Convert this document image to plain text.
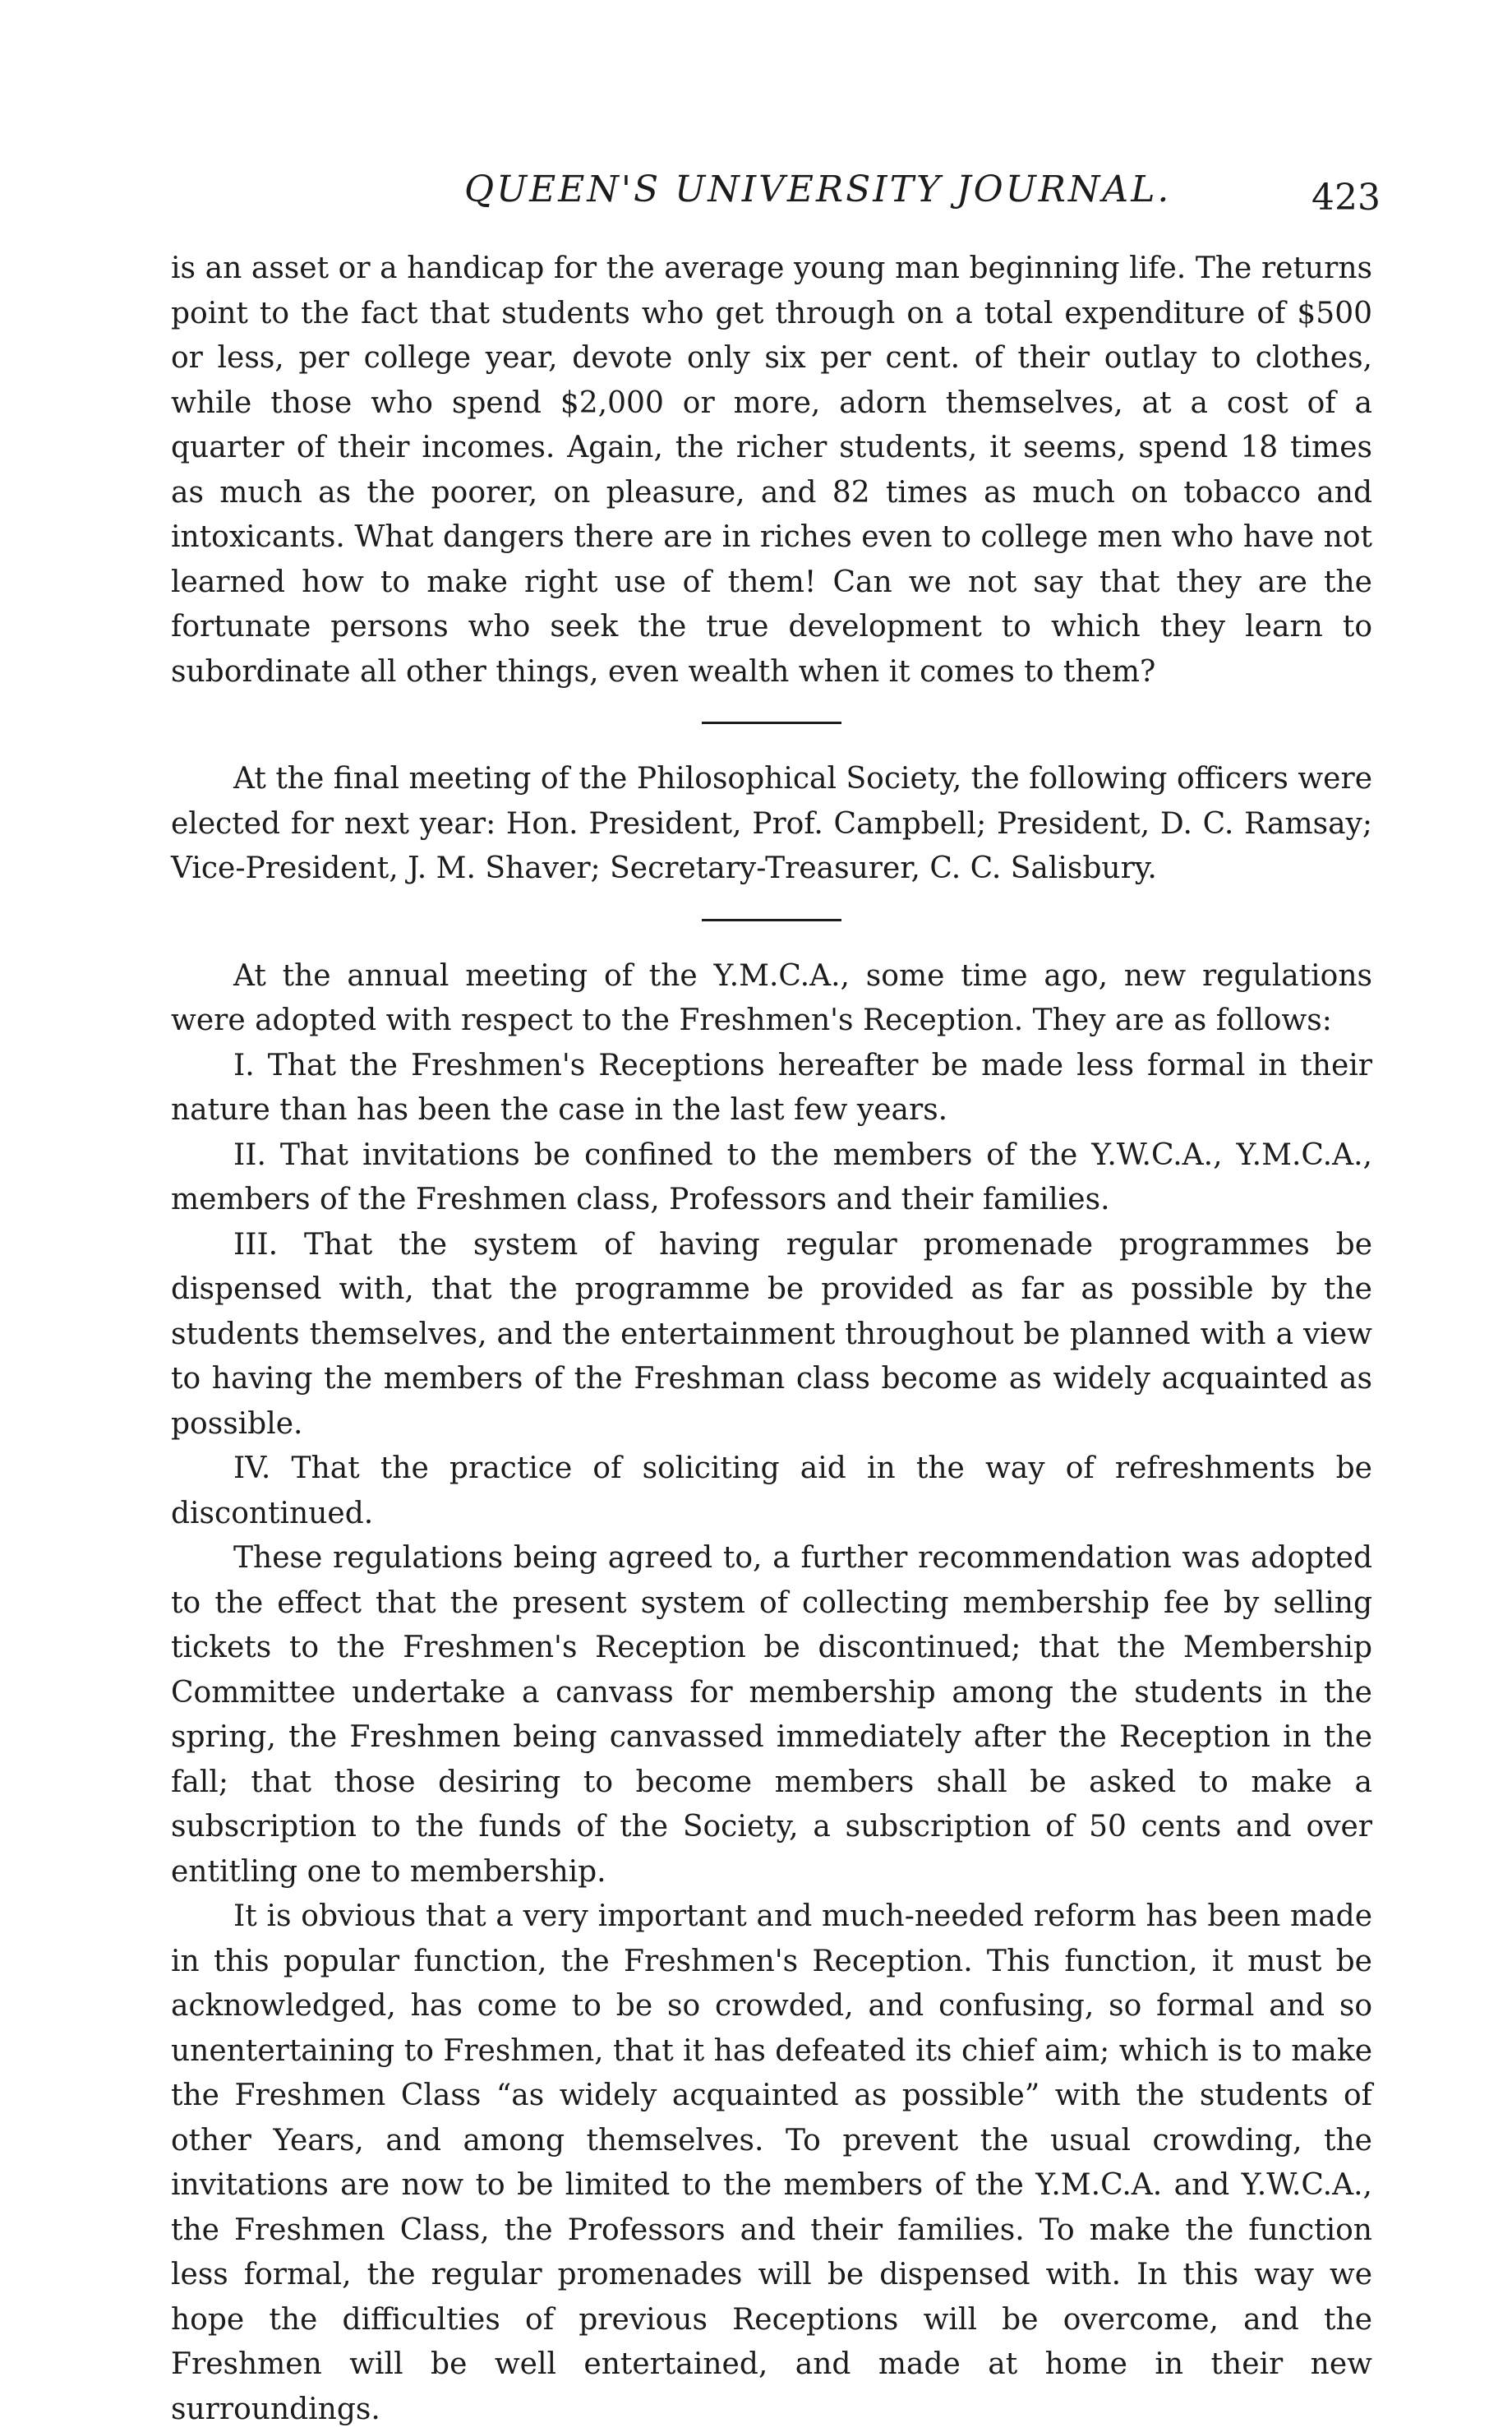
QUEEN'S UNIVERSITY JOURNAL.	423

is an asset or a handicap for the average young man beginning life. The returns point to the fact that students who get through on a total expenditure of $500 or less, per college year, devote only six per cent. of their outlay to clothes, while those who spend $2,000 or more, adorn themselves, at a cost of a quarter of their incomes. Again, the richer students, it seems, spend 18 times as much as the poorer, on pleasure, and 82 times as much on tobacco and intoxicants. What dangers there are in riches even to college men who have not learned how to make right use of them! Can we not say that they are the fortunate persons who seek the true development to which they learn to subordinate all other things, even wealth when it comes to them?

At the final meeting of the Philosophical Society, the following officers were elected for next year: Hon. President, Prof. Campbell; President, D. C. Ramsay; Vice-President, J. M. Shaver; Secretary-Treasurer, C. C. Salisbury.

At the annual meeting of the Y.M.C.A., some time ago, new regulations were adopted with respect to the Freshmen's Reception. They are as follows:

I. That the Freshmen's Receptions hereafter be made less formal in their nature than has been the case in the last few years.

II. That invitations be confined to the members of the Y.W.C.A., Y.M.C.A., members of the Freshmen class, Professors and their families.

III. That the system of having regular promenade programmes be dispensed with, that the programme be provided as far as possible by the students themselves, and the entertainment throughout be planned with a view to having the members of the Freshman class become as widely acquainted as possible.

IV. That the practice of soliciting aid in the way of refreshments be discontinued.

These regulations being agreed to, a further recommendation was adopted to the effect that the present system of collecting membership fee by selling tickets to the Freshmen's Reception be discontinued; that the Membership Committee undertake a canvass for membership among the students in the spring, the Freshmen being canvassed immediately after the Reception in the fall; that those desiring to become members shall be asked to make a subscription to the funds of the Society, a subscription of 50 cents and over entitling one to membership.

It is obvious that a very important and much-needed reform has been made in this popular function, the Freshmen's Reception. This function, it must be acknowledged, has come to be so crowded, and confusing, so formal and so unentertaining to Freshmen, that it has defeated its chief aim; which is to make the Freshmen Class “as widely acquainted as possible” with the students of other Years, and among themselves. To prevent the usual crowding, the invitations are now to be limited to the members of the Y.M.C.A. and Y.W.C.A., the Freshmen Class, the Professors and their families. To make the function less formal, the regular promenades will be dispensed with. In this way we hope the difficulties of previous Receptions will be overcome, and the Freshmen will be well entertained, and made at home in their new surroundings.
